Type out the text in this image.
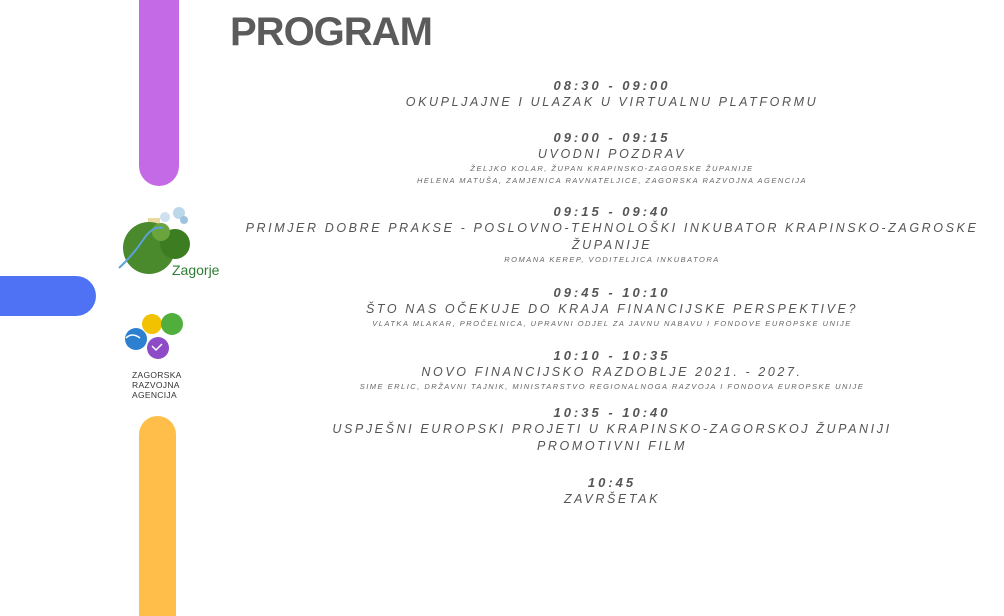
PROGRAM
Zagorje
ZAGORSKA
RAZVOJNA
AGENCIJA
08:30 - 09:00
OKUPLJAJNE I ULAZAK U VIRTUALNU PLATFORMU
09:00 - 09:15
UVODNI POZDRAV
ŽELJKO KOLAR, ŽUPAN KRAPINSKO-ZAGORSKE ŽUPANIJE
HELENA MATUŠA, ZAMJENICA RAVNATELJICE, ZAGORSKA RAZVOJNA AGENCIJA
09:15 - 09:40
PRIMJER DOBRE PRAKSE - POSLOVNO-TEHNOLOŠKI INKUBATOR KRAPINSKO-ZAGROSKE ŽUPANIJE
ROMANA KEREP, VODITELJICA INKUBATORA
09:45 - 10:10
ŠTO NAS OČEKUJE DO KRAJA FINANCIJSKE PERSPEKTIVE?
VLATKA MLAKAR, PROČELNICA, UPRAVNI ODJEL ZA JAVNU NABAVU I FONDOVE EUROPSKE UNIJE
10:10 - 10:35
NOVO FINANCIJSKO RAZDOBLJE 2021. - 2027.
SIME ERLIC, DRŽAVNI TAJNIK, MINISTARSTVO REGIONALNOGA RAZVOJA I FONDOVA EUROPSKE UNIJE
10:35 - 10:40
USPJEŠNI EUROPSKI PROJETI U KRAPINSKO-ZAGORSKOJ ŽUPANIJI
PROMOTIVNI FILM
10:45
ZAVRŠETAK
